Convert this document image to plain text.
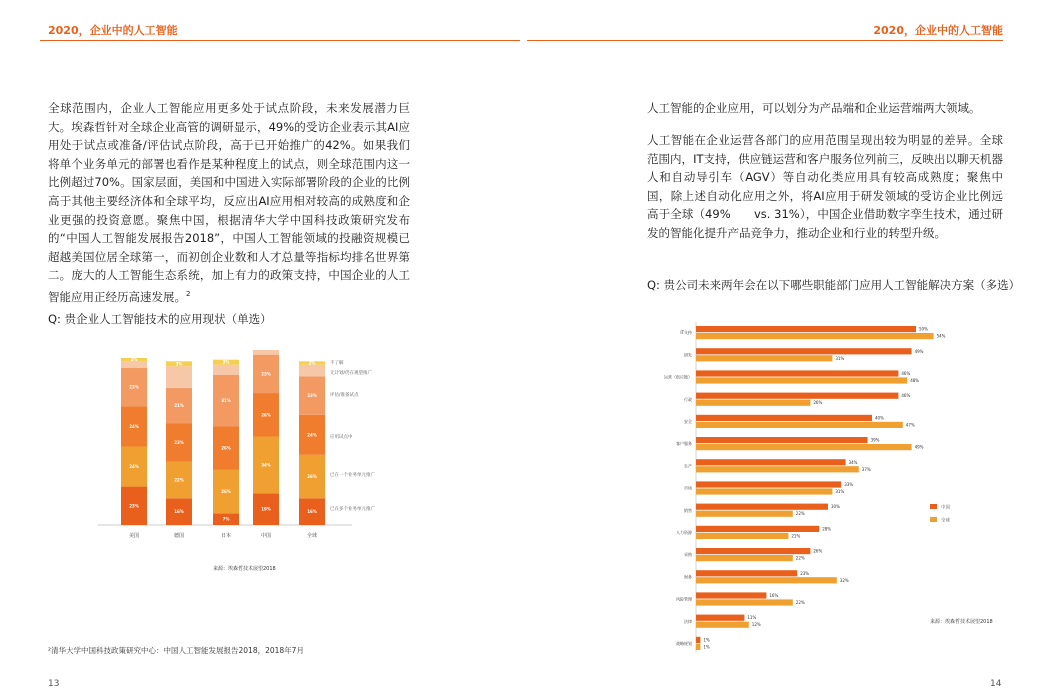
2020，企业中的人工智能	2020，企业中的人工智能
全球范围内，企业人工智能应用更多处于试点阶段，未来发展潜力巨大。埃森哲针对全球企业高管的调研显示，49%的受访企业表示其AI应用处于试点或准备/评估试点阶段，高于已开始推广的42%。如果我们将单个业务单元的部署也看作是某种程度上的试点，则全球范围内这一比例超过70%。国家层面，美国和中国进入实际部署阶段的企业的比例高于其他主要经济体和全球平均，反应出AI应用相对较高的成熟度和企业更强的投资意愿。聚焦中国，根据清华大学中国科技政策研究发布的“中国人工智能发展报告2018”，中国人工智能领域的投融资规模已超越美国位居全球第一，而初创企业数和人才总量等指标均排名世界第二。庞大的人工智能生态系统，加上有力的政策支持，中国企业的人工智能应用正经历高速发展。$^2$
Q: 贵企业人工智能技术的应用现状（单选）
23%
24%
24%
23%
2%
美国
16%
22%
23%
21%
3%
德国
7%
26%
26%
31%
3%
日本
19%
34%
26%
23%
中国
16%
26%
24%
23%
2%
全球
不了解
无计划/仍在观望推广
评估/准备试点
应用试点中
已在一个业务单元推广
已在多个业务单元推广
来源：埃森哲技术展望2018
²清华大学中国科技政策研究中心：中国人工智能发展报告2018，2018年7月
13
人工智能的企业应用，可以划分为产品端和企业运营端两大领域。
人工智能在企业运营各部门的应用范围呈现出较为明显的差异。全球范围内，IT支持，供应链运营和客户服务位列前三，反映出以聊天机器人和自动导引车（AGV）等自动化类应用具有较高成熟度；聚焦中国，除上述自动化应用之外，将AI应用于研发领域的受访企业比例远高于全球（49%　　vs. 31%），中国企业借助数字孪生技术，通过研发的智能化提升产品竞争力，推动企业和行业的转型升级。
Q: 贵公司未来两年会在以下哪些职能部门应用人工智能解决方案（多选）
50%
54%
IT支持
49%
31%
研发
46%
48%
运营（供应链）
46%
26%
行政
40%
47%
安全
39%
49%
客户服务
34%
37%
生产
33%
31%
市场
30%
22%
销售
28%
21%
人力资源
26%
22%
采购
23%
32%
财务
16%
22%
风险管理
11%
12%
法律
1%
1%
战略规划
中国
全球
来源：埃森哲技术展望2018
14
